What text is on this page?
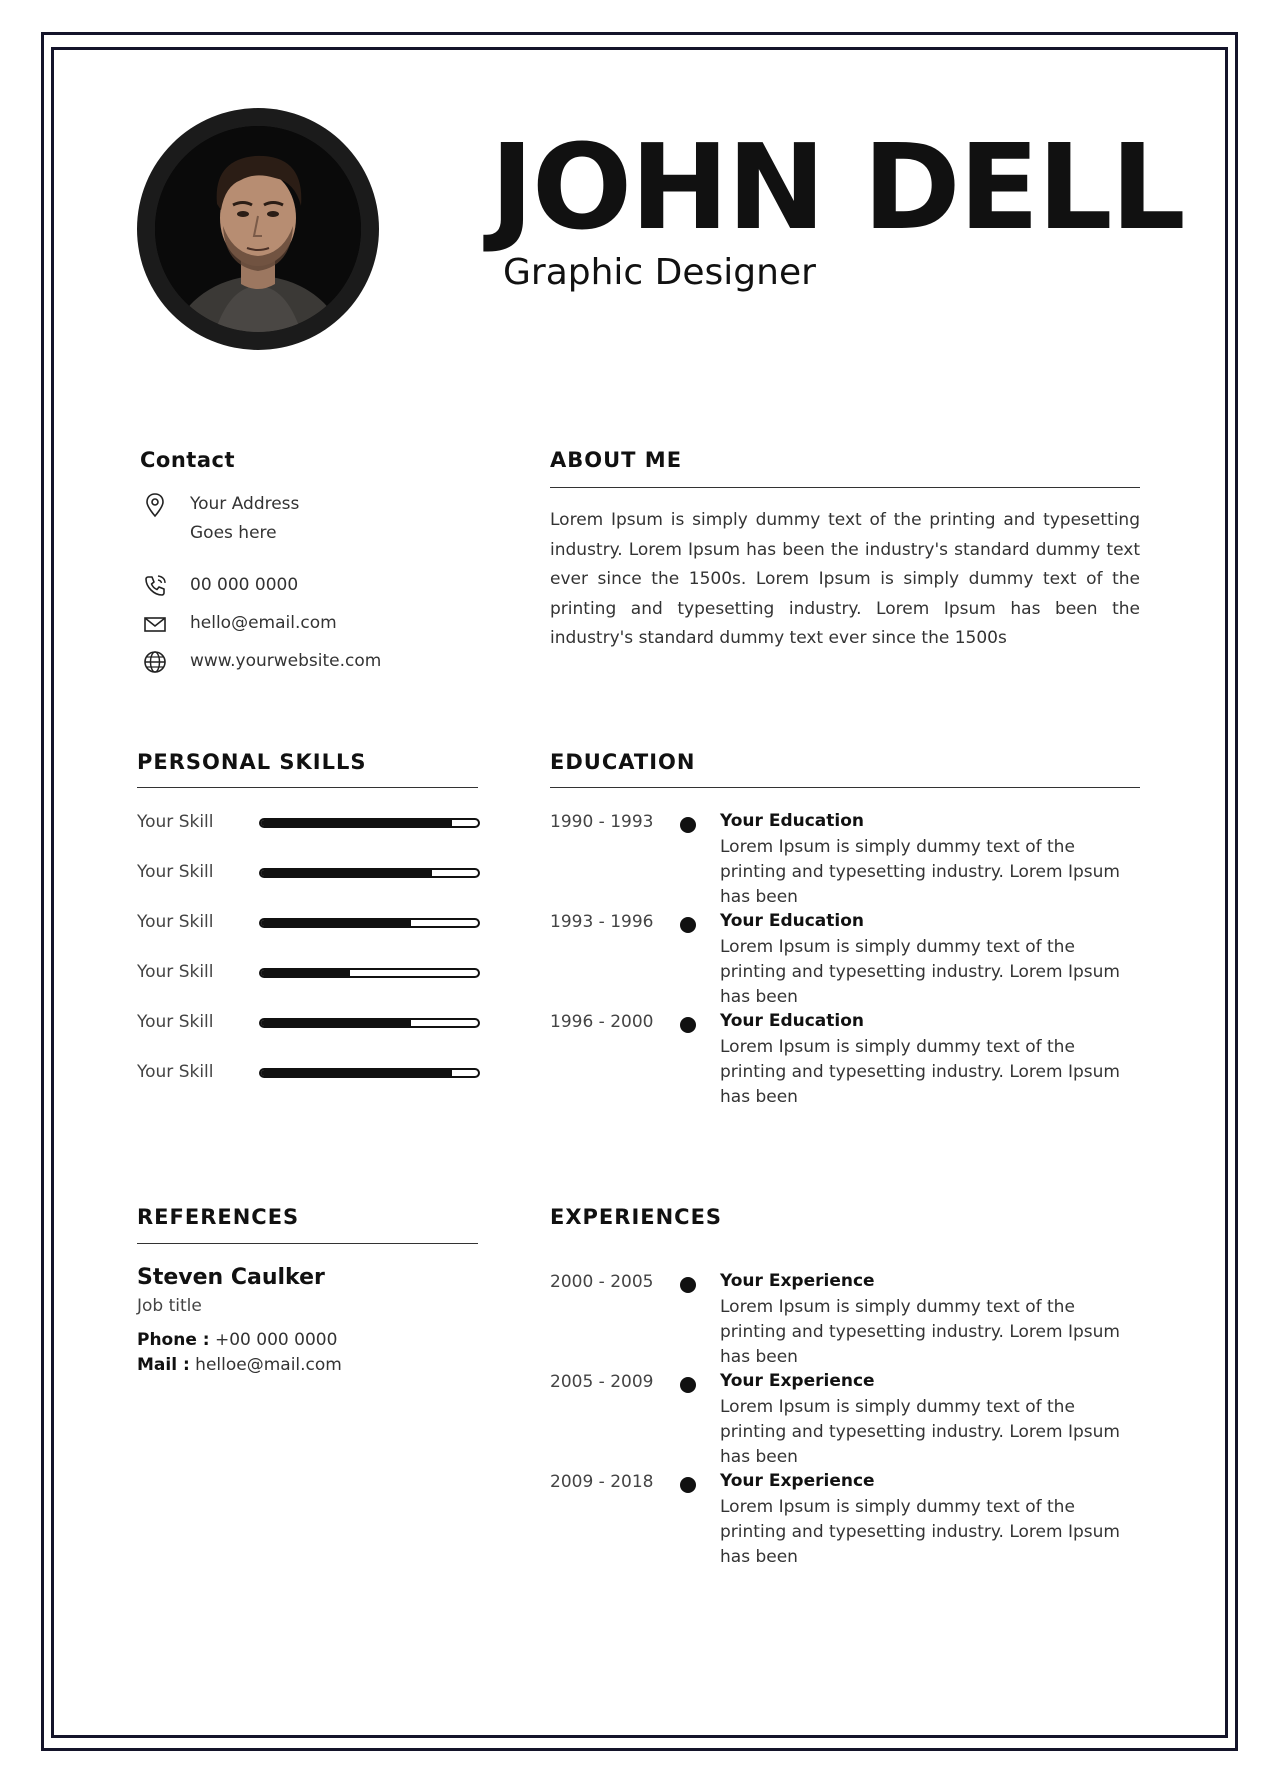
JOHN DELL
Graphic Designer
Contact
Your Address
Goes here
00 000 0000
hello@email.com
www.yourwebsite.com
ABOUT ME
Lorem Ipsum is simply dummy text of the printing and typesetting industry. Lorem Ipsum has been the industry's standard dummy text ever since the 1500s. Lorem Ipsum is simply dummy text of the printing and typesetting industry. Lorem Ipsum has been the industry's standard dummy text ever since the 1500s
PERSONAL SKILLS
Your Skill
Your Skill
Your Skill
Your Skill
Your Skill
Your Skill
EDUCATION
1990 - 1993	Your Education
Lorem Ipsum is simply dummy text of the printing and typesetting industry. Lorem Ipsum has been
1993 - 1996	Your Education
Lorem Ipsum is simply dummy text of the printing and typesetting industry. Lorem Ipsum has been
1996 - 2000	Your Education
Lorem Ipsum is simply dummy text of the printing and typesetting industry. Lorem Ipsum has been
REFERENCES
Steven Caulker
Job title
Phone : +00 000 0000
Mail : helloe@mail.com
EXPERIENCES
2000 - 2005	Your Experience
Lorem Ipsum is simply dummy text of the printing and typesetting industry. Lorem Ipsum has been
2005 - 2009	Your Experience
Lorem Ipsum is simply dummy text of the printing and typesetting industry. Lorem Ipsum has been
2009 - 2018	Your Experience
Lorem Ipsum is simply dummy text of the printing and typesetting industry. Lorem Ipsum has been
